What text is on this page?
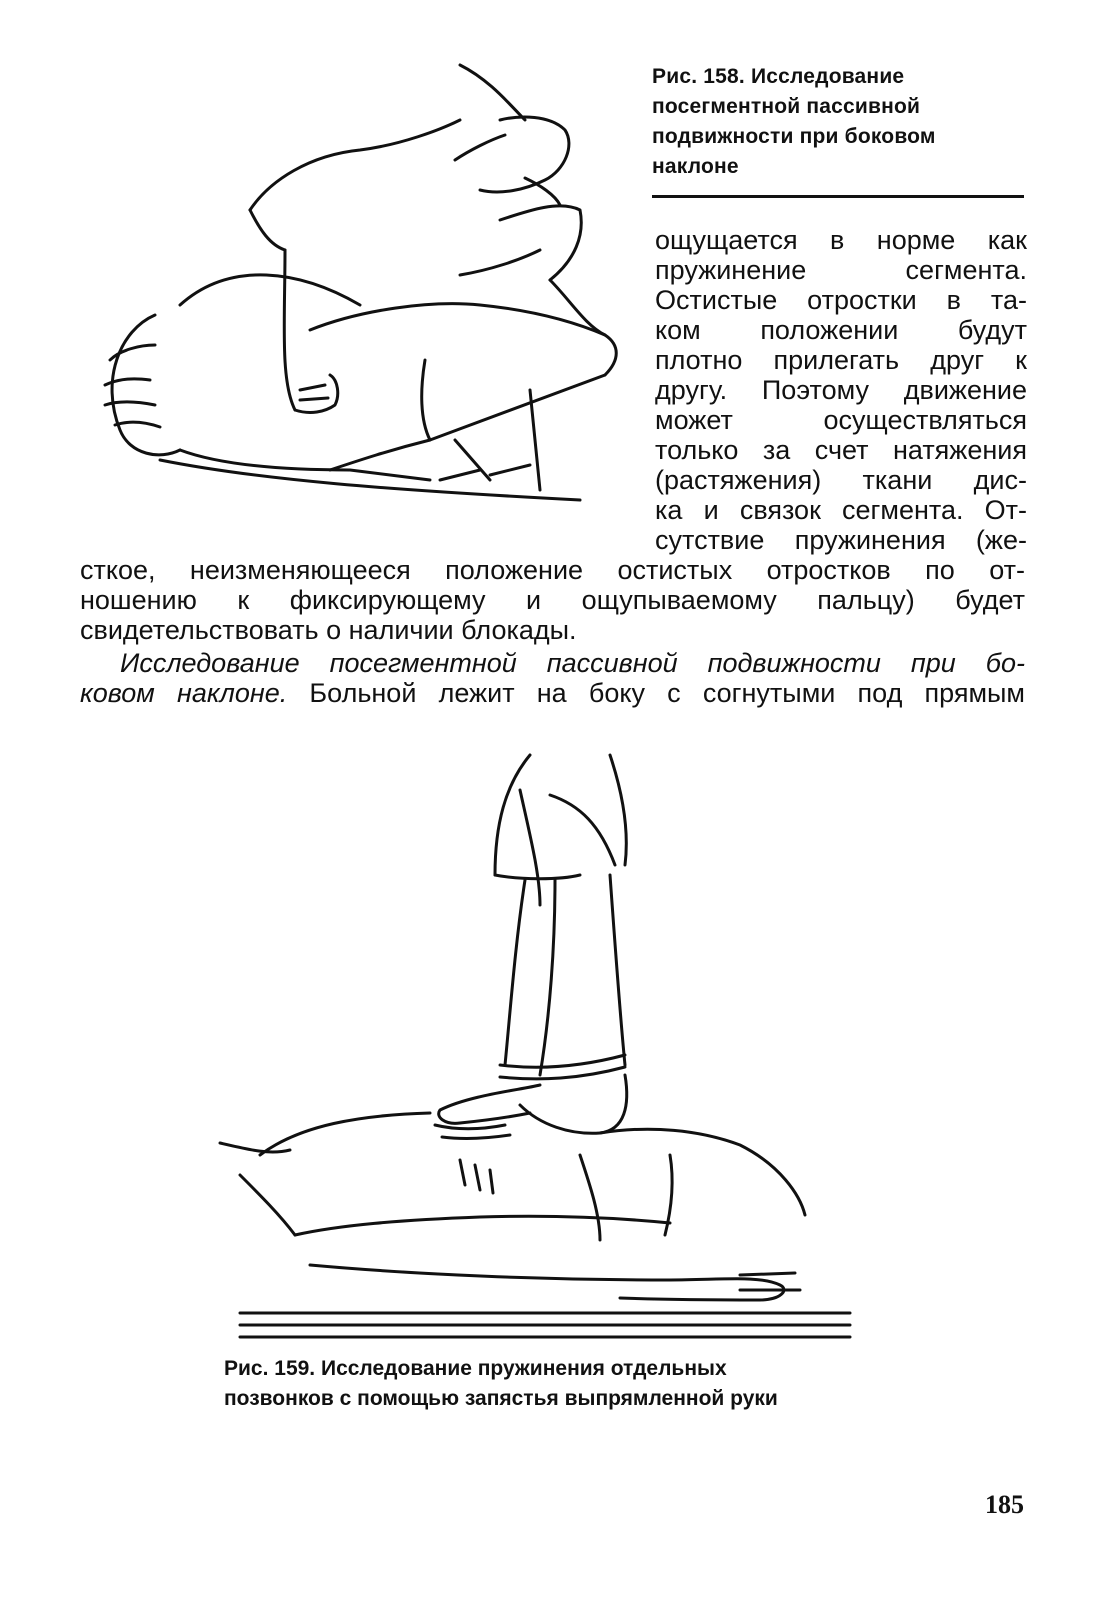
Рис. 158. Исследование
посегментной пассивной
подвижности при боковом
наклоне
ощущается в норме как
пружинение сегмента.
Остистые отростки в та-
ком положении будут
плотно прилегать друг к
другу. Поэтому движение
может осуществляться
только за счет натяжения
(растяжения) ткани дис-
ка и связок сегмента. От-
сутствие пружинения (же-
сткое, неизменяющееся положение остистых отростков по от-
ношению к фиксирующему и ощупываемому пальцу) будет
свидетельствовать о наличии блокады.
Исследование посегментной пассивной подвижности при бо-
ковом наклоне. Больной лежит на боку с согнутыми под прямым
Рис. 159. Исследование пружинения отдельных
позвонков с помощью запястья выпрямленной руки
185
